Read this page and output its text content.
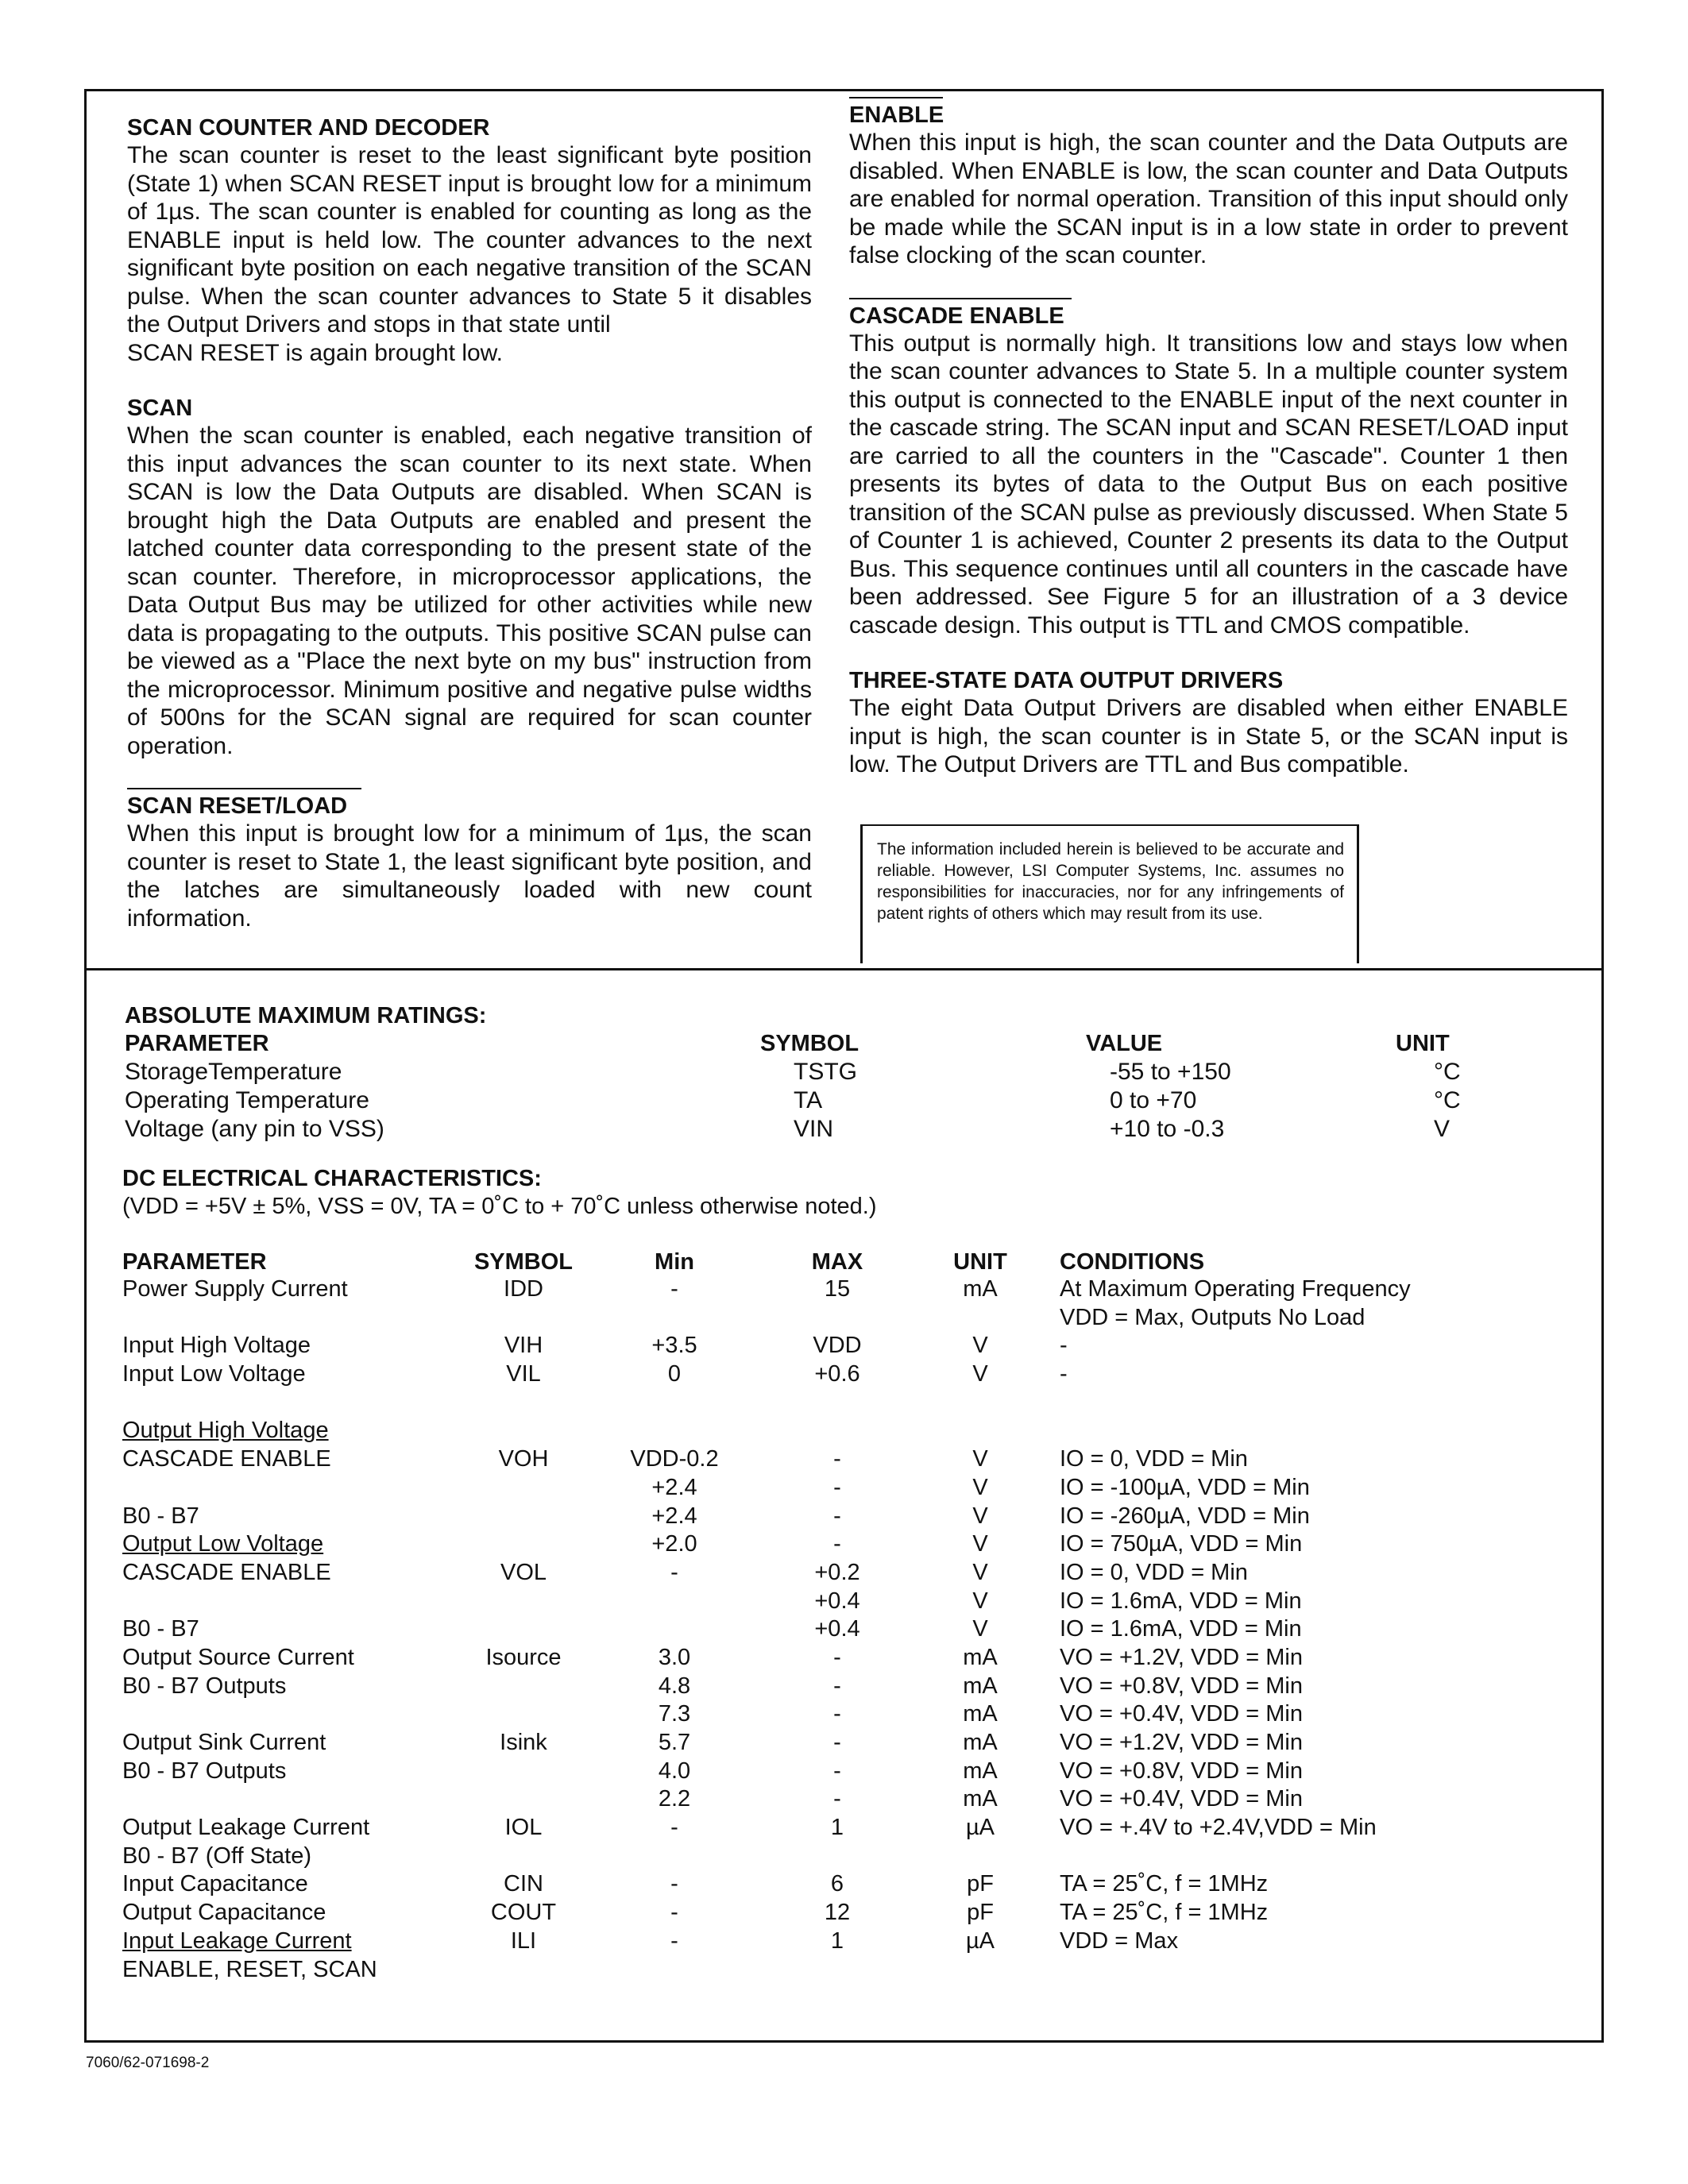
SCAN COUNTER AND DECODER

The scan counter is reset to the least significant byte position (State 1) when SCAN RESET input is brought low for a minimum of 1µs. The scan counter is enabled for counting as long as the ENABLE input is held low. The counter advances to the next significant byte position on each negative transition of the SCAN pulse. When the scan counter advances to State 5 it disables the Output Drivers and stops in that state until

SCAN RESET is again brought low.

SCAN

When the scan counter is enabled, each negative transition of this input advances the scan counter to its next state. When SCAN is low the Data Outputs are disabled. When SCAN is brought high the Data Outputs are enabled and present the latched counter data corresponding to the present state of the scan counter. Therefore, in microprocessor applications, the Data Output Bus may be utilized for other activities while new data is propagating to the outputs. This positive SCAN pulse can be viewed as a "Place the next byte on my bus" instruction from the microprocessor. Minimum positive and negative pulse widths of 500ns for the SCAN signal are required for scan counter operation.

SCAN RESET/LOAD

When this input is brought low for a minimum of 1µs, the scan counter is reset to State 1, the least significant byte position, and the latches are simultaneously loaded with new count information.

ENABLE

When this input is high, the scan counter and the Data Outputs are disabled. When ENABLE is low, the scan counter and Data Outputs are enabled for normal operation. Transition of this input should only be made while the SCAN input is in a low state in order to prevent false clocking of the scan counter.

CASCADE ENABLE

This output is normally high. It transitions low and stays low when the scan counter advances to State 5. In a multiple counter system this output is connected to the ENABLE input of the next counter in the cascade string. The SCAN input and SCAN RESET/LOAD input are carried to all the counters in the "Cascade". Counter 1 then presents its bytes of data to the Output Bus on each positive transition of the SCAN pulse as previously discussed. When State 5 of Counter 1 is achieved, Counter 2 presents its data to the Output Bus. This sequence continues until all counters in the cascade have been addressed. See Figure 5 for an illustration of a 3 device cascade design. This output is TTL and CMOS compatible.

THREE-STATE DATA OUTPUT DRIVERS

The eight Data Output Drivers are disabled when either ENABLE input is high, the scan counter is in State 5, or the SCAN input is low. The Output Drivers are TTL and Bus compatible.

The information included herein is believed to be accurate and reliable. However, LSI Computer Systems, Inc. assumes no responsibilities for inaccuracies, nor for any infringements of patent rights of others which may result from its use.
ABSOLUTE MAXIMUM RATINGS:
PARAMETER	SYMBOL	VALUE	UNIT
StorageTemperature	TSTG	-55 to +150	°C
Operating Temperature	TA	0 to +70	°C
Voltage (any pin to VSS)	VIN	+10 to -0.3	V
DC ELECTRICAL CHARACTERISTICS:
(VDD = +5V ± 5%, VSS = 0V, TA = 0˚C to + 70˚C unless otherwise noted.)
PARAMETER	SYMBOL	Min	MAX	UNIT	CONDITIONS
Power Supply Current	IDD	-	15	mA	At Maximum Operating Frequency
					VDD = Max, Outputs No Load
Input High Voltage	VIH	+3.5	VDD	V	-
Input Low Voltage	VIL	0	+0.6	V	-

Output High Voltage					
CASCADE ENABLE	VOH	VDD-0.2	-	V	IO = 0, VDD = Min
		+2.4	-	V	IO = -100µA, VDD = Min
B0 - B7		+2.4	-	V	IO = -260µA, VDD = Min
Output Low Voltage		+2.0	-	V	IO = 750µA, VDD = Min
CASCADE ENABLE	VOL	-	+0.2	V	IO = 0, VDD = Min
			+0.4	V	IO = 1.6mA, VDD = Min
B0 - B7			+0.4	V	IO = 1.6mA, VDD = Min
Output Source Current	Isource	3.0	-	mA	VO = +1.2V, VDD = Min
B0 - B7 Outputs		4.8	-	mA	VO = +0.8V, VDD = Min
		7.3	-	mA	VO = +0.4V, VDD = Min
Output Sink Current	Isink	5.7	-	mA	VO = +1.2V, VDD = Min
B0 - B7 Outputs		4.0	-	mA	VO = +0.8V, VDD = Min
		2.2	-	mA	VO = +0.4V, VDD = Min
Output Leakage Current	IOL	-	1	µA	VO = +.4V to +2.4V,VDD = Min
B0 - B7 (Off State)					
Input Capacitance	CIN	-	6	pF	TA = 25˚C, f = 1MHz
Output Capacitance	COUT	-	12	pF	TA = 25˚C, f = 1MHz
Input Leakage Current	ILI	-	1	µA	VDD = Max
ENABLE, RESET, SCAN					
7060/62-071698-2
